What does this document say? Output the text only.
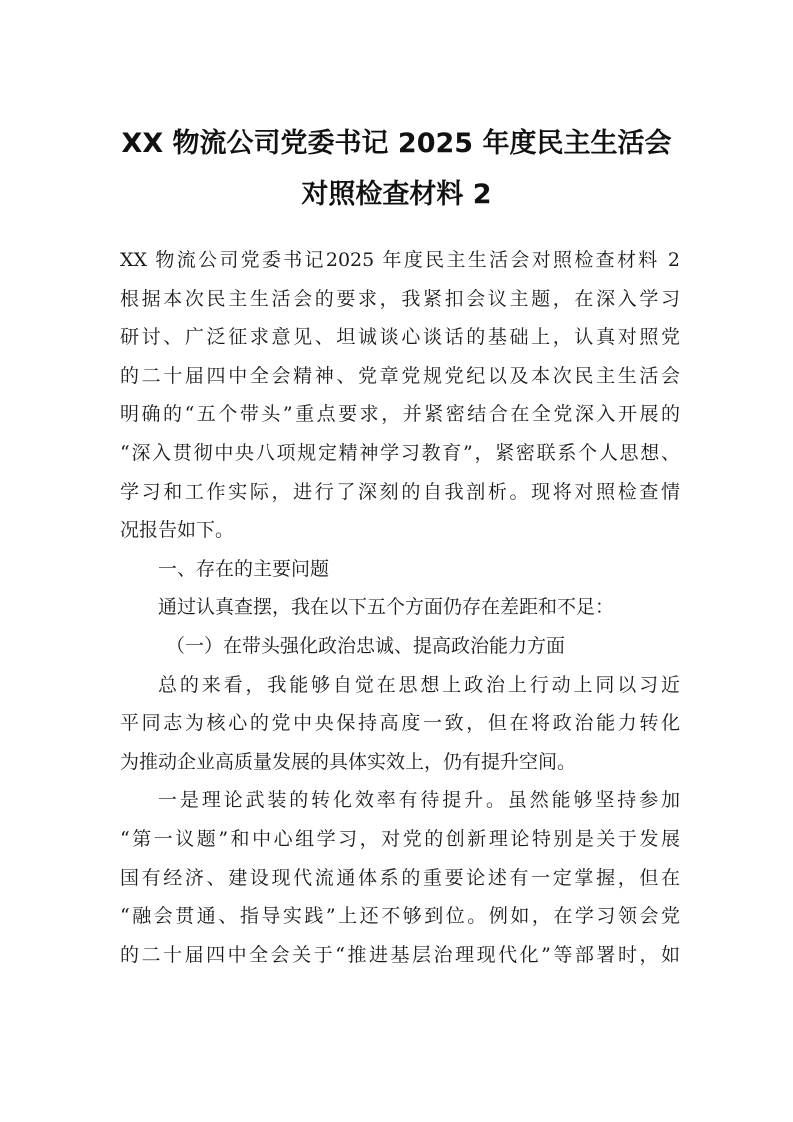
XX 物流公司党委书记 2025 年度民主生活会
对照检查材料 2
XX 物流公司党委书记2025 年度民主生活会对照检查材料 2
根据本次民主生活会的要求，我紧扣会议主题，在深入学习
研讨、广泛征求意见、坦诚谈心谈话的基础上，认真对照党
的二十届四中全会精神、党章党规党纪以及本次民主生活会
明确的“五个带头”重点要求，并紧密结合在全党深入开展的
“深入贯彻中央八项规定精神学习教育”，紧密联系个人思想、
学习和工作实际，进行了深刻的自我剖析。现将对照检查情
况报告如下。
一、存在的主要问题
通过认真查摆，我在以下五个方面仍存在差距和不足：
（一）在带头强化政治忠诚、提高政治能力方面
总的来看，我能够自觉在思想上政治上行动上同以习近
平同志为核心的党中央保持高度一致，但在将政治能力转化
为推动企业高质量发展的具体实效上，仍有提升空间。
一是理论武装的转化效率有待提升。虽然能够坚持参加
“第一议题”和中心组学习，对党的创新理论特别是关于发展
国有经济、建设现代流通体系的重要论述有一定掌握，但在
“融会贯通、指导实践”上还不够到位。例如，在学习领会党
的二十届四中全会关于“推进基层治理现代化”等部署时，如
